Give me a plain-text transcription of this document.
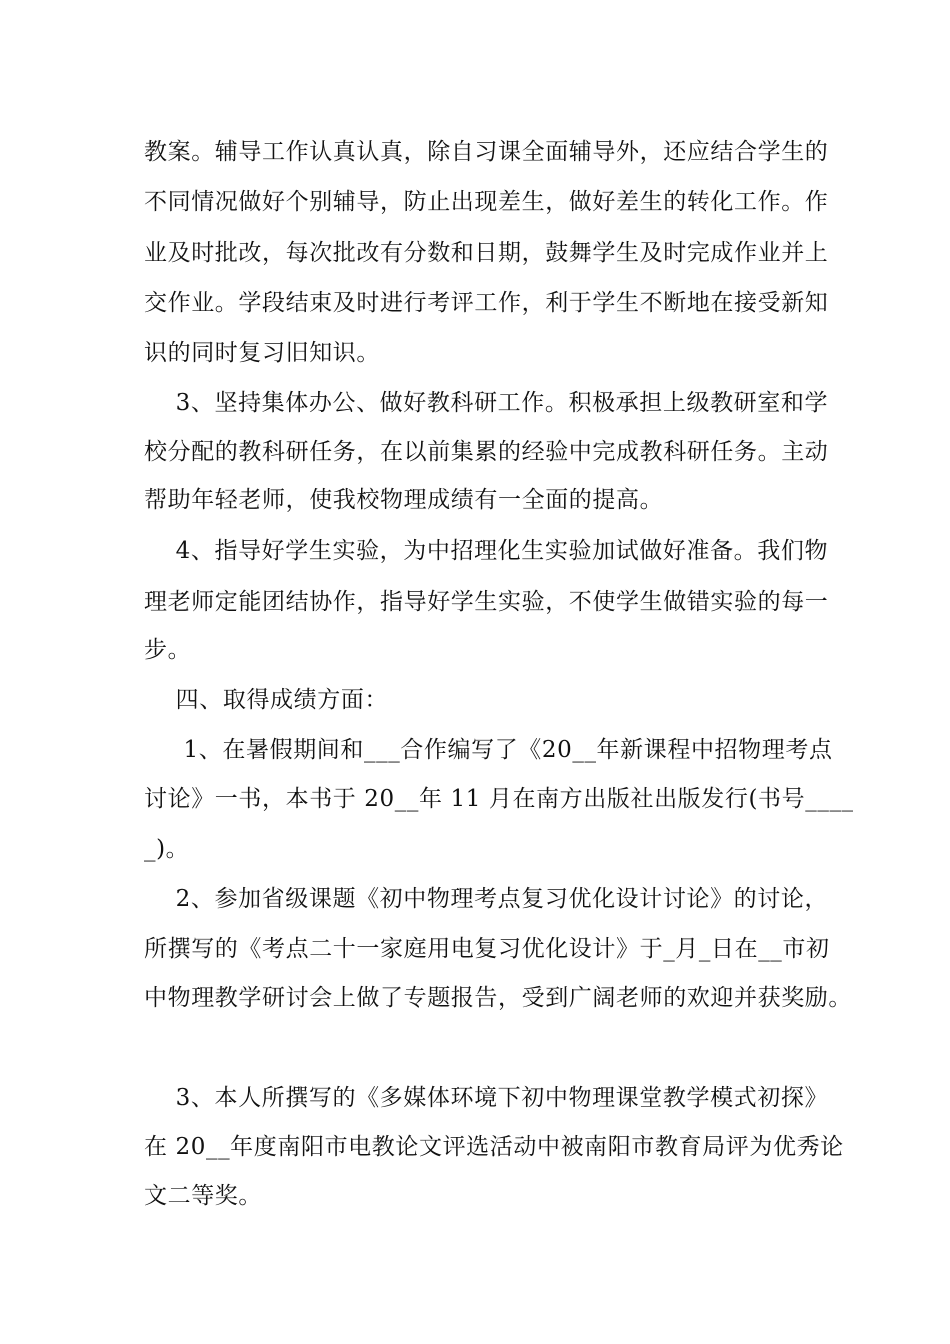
教案。辅导工作认真认真，除自习课全面辅导外，还应结合学生的
不同情况做好个别辅导，防止出现差生，做好差生的转化工作。作
业及时批改，每次批改有分数和日期，鼓舞学生及时完成作业并上
交作业。学段结束及时进行考评工作，利于学生不断地在接受新知
识的同时复习旧知识。
3、坚持集体办公、做好教科研工作。积极承担上级教研室和学
校分配的教科研任务，在以前集累的经验中完成教科研任务。主动
帮助年轻老师，使我校物理成绩有一全面的提高。
4、指导好学生实验，为中招理化生实验加试做好准备。我们物
理老师定能团结协作，指导好学生实验，不使学生做错实验的每一
步。
四、取得成绩方面：
1、在暑假期间和___合作编写了《20__年新课程中招物理考点
讨论》一书，本书于 20__年 11 月在南方出版社出版发行(书号____
_)。
2、参加省级课题《初中物理考点复习优化设计讨论》的讨论，
所撰写的《考点二十一家庭用电复习优化设计》于_月_日在__市初
中物理教学研讨会上做了专题报告，受到广阔老师的欢迎并获奖励。
3、本人所撰写的《多媒体环境下初中物理课堂教学模式初探》
在 20__年度南阳市电教论文评选活动中被南阳市教育局评为优秀论
文二等奖。
